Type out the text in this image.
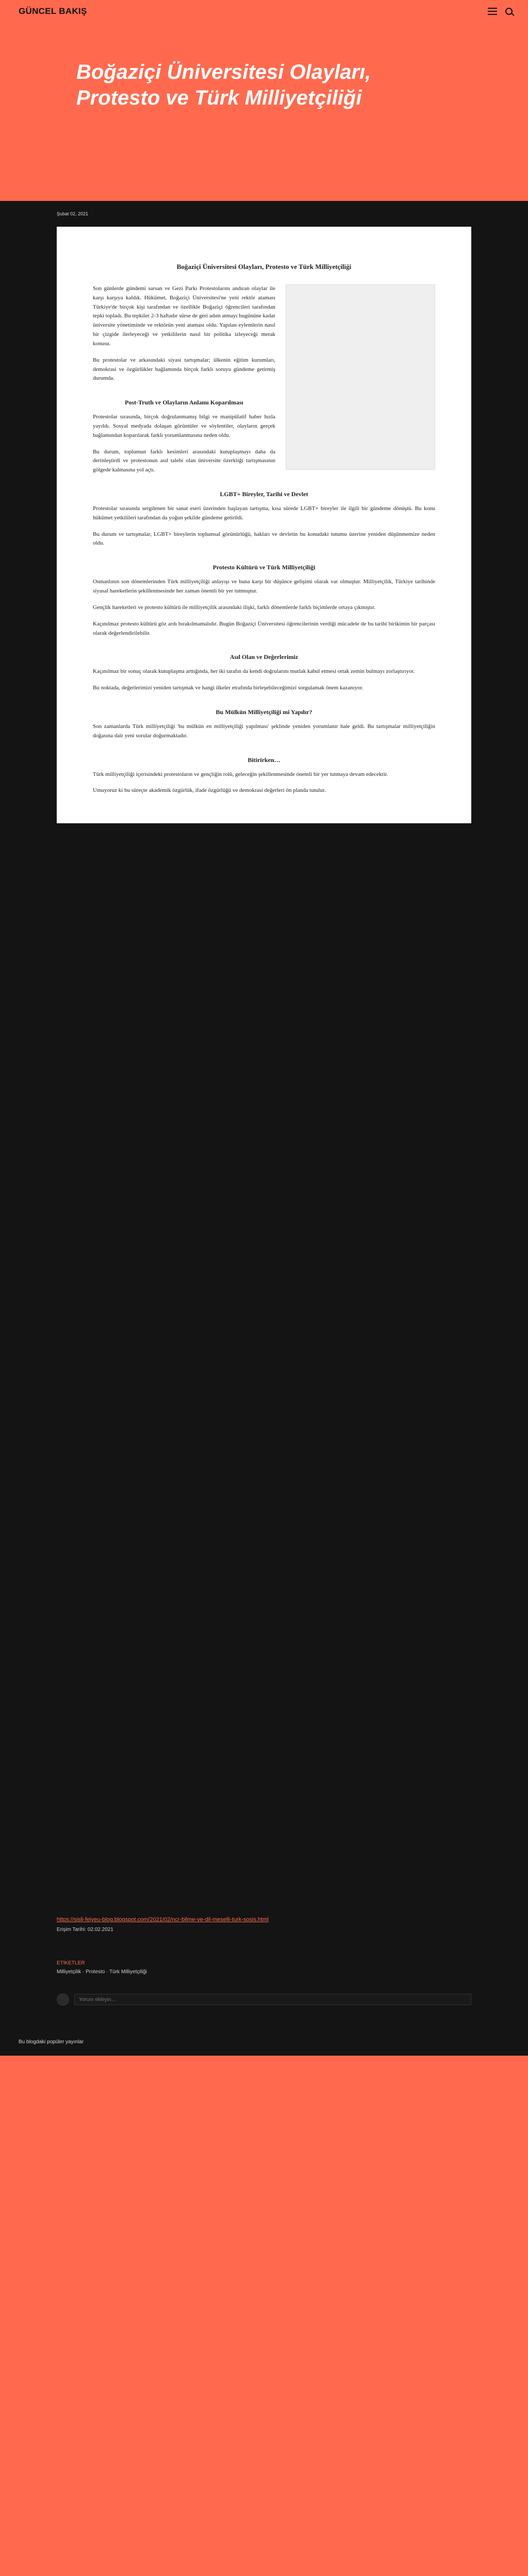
Boğaziçi Üniversitesi Olayları, Protesto ve Türk Milliyetçiliği
GÜNCEL BAKIŞ
Şubat 02, 2021
Boğaziçi Üniversitesi Olayları, Protesto ve Türk Milliyetçiliği

Son günlerde gündemi sarsan ve Gezi Parkı Protestolarını andıran olaylar ile karşı karşıya kaldık. Hükümet, Boğaziçi Üniversitesi'ne yeni rektör ataması Türkiye'de birçok kişi tarafından ve özellikle Boğaziçi öğrencileri tarafından tepki topladı. Bu tepkiler 2-3 haftadır sürse de geri adım atmayı bugününe kadar üniversite yönetiminde ve rektörün yeni ataması oldu. Yapılan eylemlerin nasıl bir çizgide ilerleyeceği ve yetkililerin nasıl bir politika izleyeceği merak konusu.

Bu protestolar ve arkasındaki siyasi tartışmalar; ülkenin eğitim kurumları, demokrasi ve özgürlükler bağlamında birçok farklı soruyu gündeme getirmiş durumda.

Post-Truth ve Olayların Anlamı Koparılması

Protestolar sırasında, birçok doğrulanmamış bilgi ve manipülatif haber hızla yayıldı. Sosyal medyada dolaşan görüntüler ve söylentiler, olayların gerçek bağlamından koparılarak farklı yorumlanmasına neden oldu.

Bu durum, toplumun farklı kesimleri arasındaki kutuplaşmayı daha da derinleştirdi ve protestonun asıl talebi olan üniversite özerkliği tartışmasının gölgede kalmasına yol açtı.

LGBT+ Bireyler, Tarihi ve Devlet

Protestolar sırasında sergilenen bir sanat eseri üzerinden başlayan tartışma, kısa sürede LGBT+ bireyler ile ilgili bir gündeme dönüştü. Bu konu hükümet yetkilileri tarafından da yoğun şekilde gündeme getirildi.

Bu durum ve tartışmalar, LGBT+ bireylerin toplumsal görünürlüğü, hakları ve devletin bu konudaki tutumu üzerine yeniden düşünmemize neden oldu.

Protesto Kültürü ve Türk Milliyetçiliği

Osmanlının son dönemlerinden Türk milliyetçiliği anlayışı ve buna karşı bir düşünce gelişimi olarak var olmuştur. Milliyetçilik, Türkiye tarihinde siyasal hareketlerin şekillenmesinde her zaman önemli bir yer tutmuştur.

Gençlik hareketleri ve protesto kültürü ile milliyetçilik arasındaki ilişki, farklı dönemlerde farklı biçimlerde ortaya çıkmıştır.

Kaçınılmaz protesto kültürü göz ardı bırakılmamalıdır. Bugün Boğaziçi Üniversitesi öğrencilerinin verdiği mücadele de bu tarihi birikimin bir parçası olarak değerlendirilebilir.

Asıl Olan ve Değerlerimiz

Kaçınılmaz bir sonuç olarak kutuplaşma arttığında, her iki tarafın da kendi doğrularını mutlak kabul etmesi ortak zemin bulmayı zorlaştırıyor.

Bu noktada, değerlerimizi yeniden tartışmak ve hangi ilkeler etrafında birleşebileceğimizi sorgulamak önem kazanıyor.

Bu Mülkün Milliyetçiliği mi Yapılır?

Son zamanlarda Türk milliyetçiliği 'bu mülkün en milliyetçiliği yapılması' şeklinde yeniden yorumlanır hale geldi. Bu tartışmalar milliyetçiliğin doğasına dair yeni sorular doğurmaktadır.

Bitirirken…

Türk milliyetçiliği içerisindeki protestoların ve gençliğin rolü, geleceğin şekillenmesinde önemli bir yer tutmaya devam edecektir.

Umuyoruz ki bu süreçte akademik özgürlük, ifade özgürlüğü ve demokrasi değerleri ön planda tutulur.

https://sisli-feiyeu-blog.blogspot.com/2021/02/ncr-bilme-ve-dil-meselli-turk-sosis.html
Erişim Tarihi: 02.02.2021
ETİKETLER
Milliyetçilik · Protesto · Türk Milliyetçiliği
Yorum ekleyin…
Bu blogdaki popüler yayınlar
